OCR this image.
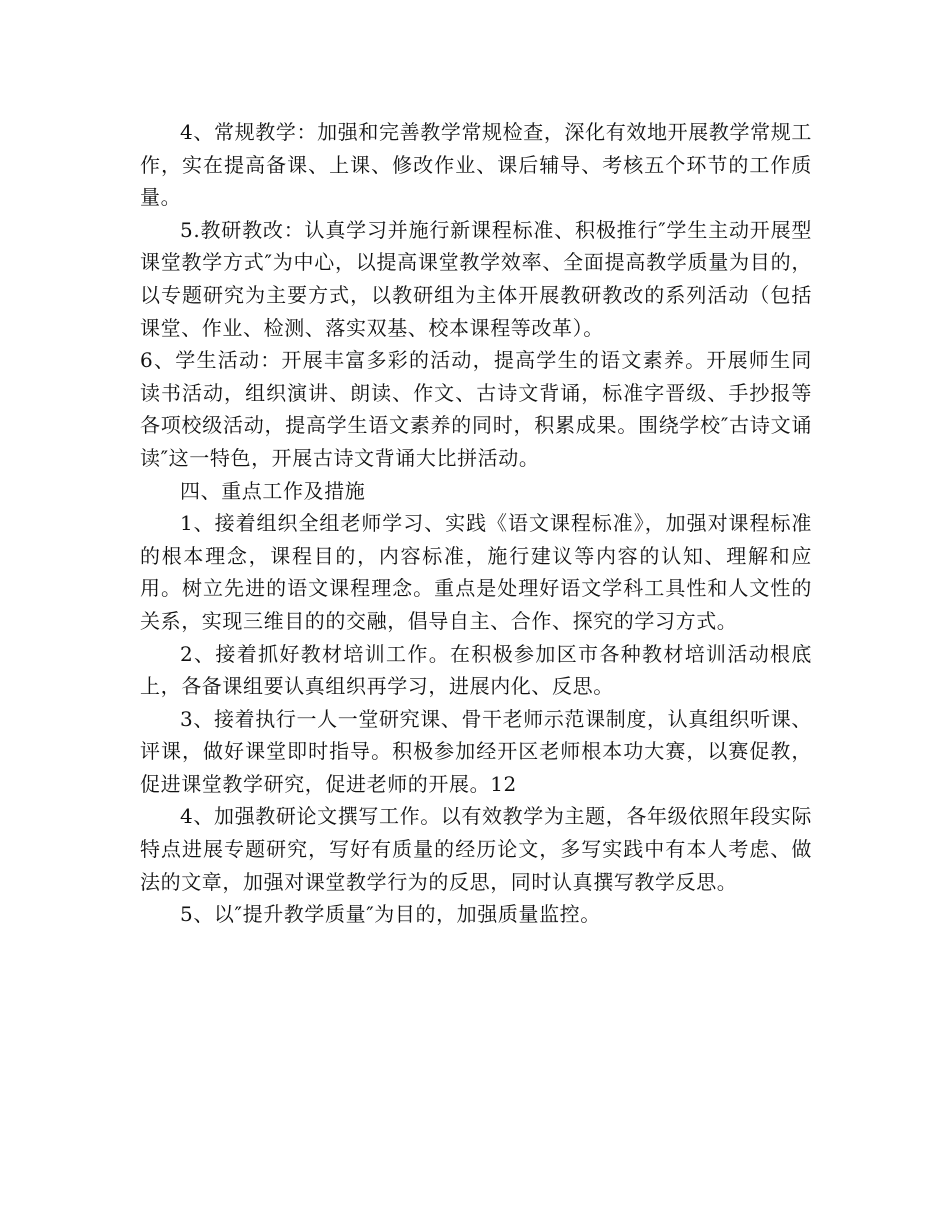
4、常规教学：加强和完善教学常规检查，深化有效地开展教学常规工作，实在提高备课、上课、修改作业、课后辅导、考核五个环节的工作质量。

5.教研教改：认真学习并施行新课程标准、积极推行″学生主动开展型课堂教学方式″为中心，以提高课堂教学效率、全面提高教学质量为目的，以专题研究为主要方式，以教研组为主体开展教研教改的系列活动（包括课堂、作业、检测、落实双基、校本课程等改革）。

6、学生活动：开展丰富多彩的活动，提高学生的语文素养。开展师生同读书活动，组织演讲、朗读、作文、古诗文背诵，标准字晋级、手抄报等各项校级活动，提高学生语文素养的同时，积累成果。围绕学校″古诗文诵读″这一特色，开展古诗文背诵大比拼活动。

四、重点工作及措施

1、接着组织全组老师学习、实践《语文课程标准》，加强对课程标准的根本理念，课程目的，内容标准，施行建议等内容的认知、理解和应用。树立先进的语文课程理念。重点是处理好语文学科工具性和人文性的关系，实现三维目的的交融，倡导自主、合作、探究的学习方式。

2、接着抓好教材培训工作。在积极参加区市各种教材培训活动根底上，各备课组要认真组织再学习，进展内化、反思。

3、接着执行一人一堂研究课、骨干老师示范课制度，认真组织听课、评课，做好课堂即时指导。积极参加经开区老师根本功大赛，以赛促教，促进课堂教学研究，促进老师的开展。12

4、加强教研论文撰写工作。以有效教学为主题，各年级依照年段实际特点进展专题研究，写好有质量的经历论文，多写实践中有本人考虑、做法的文章，加强对课堂教学行为的反思，同时认真撰写教学反思。

5、以″提升教学质量″为目的，加强质量监控。
